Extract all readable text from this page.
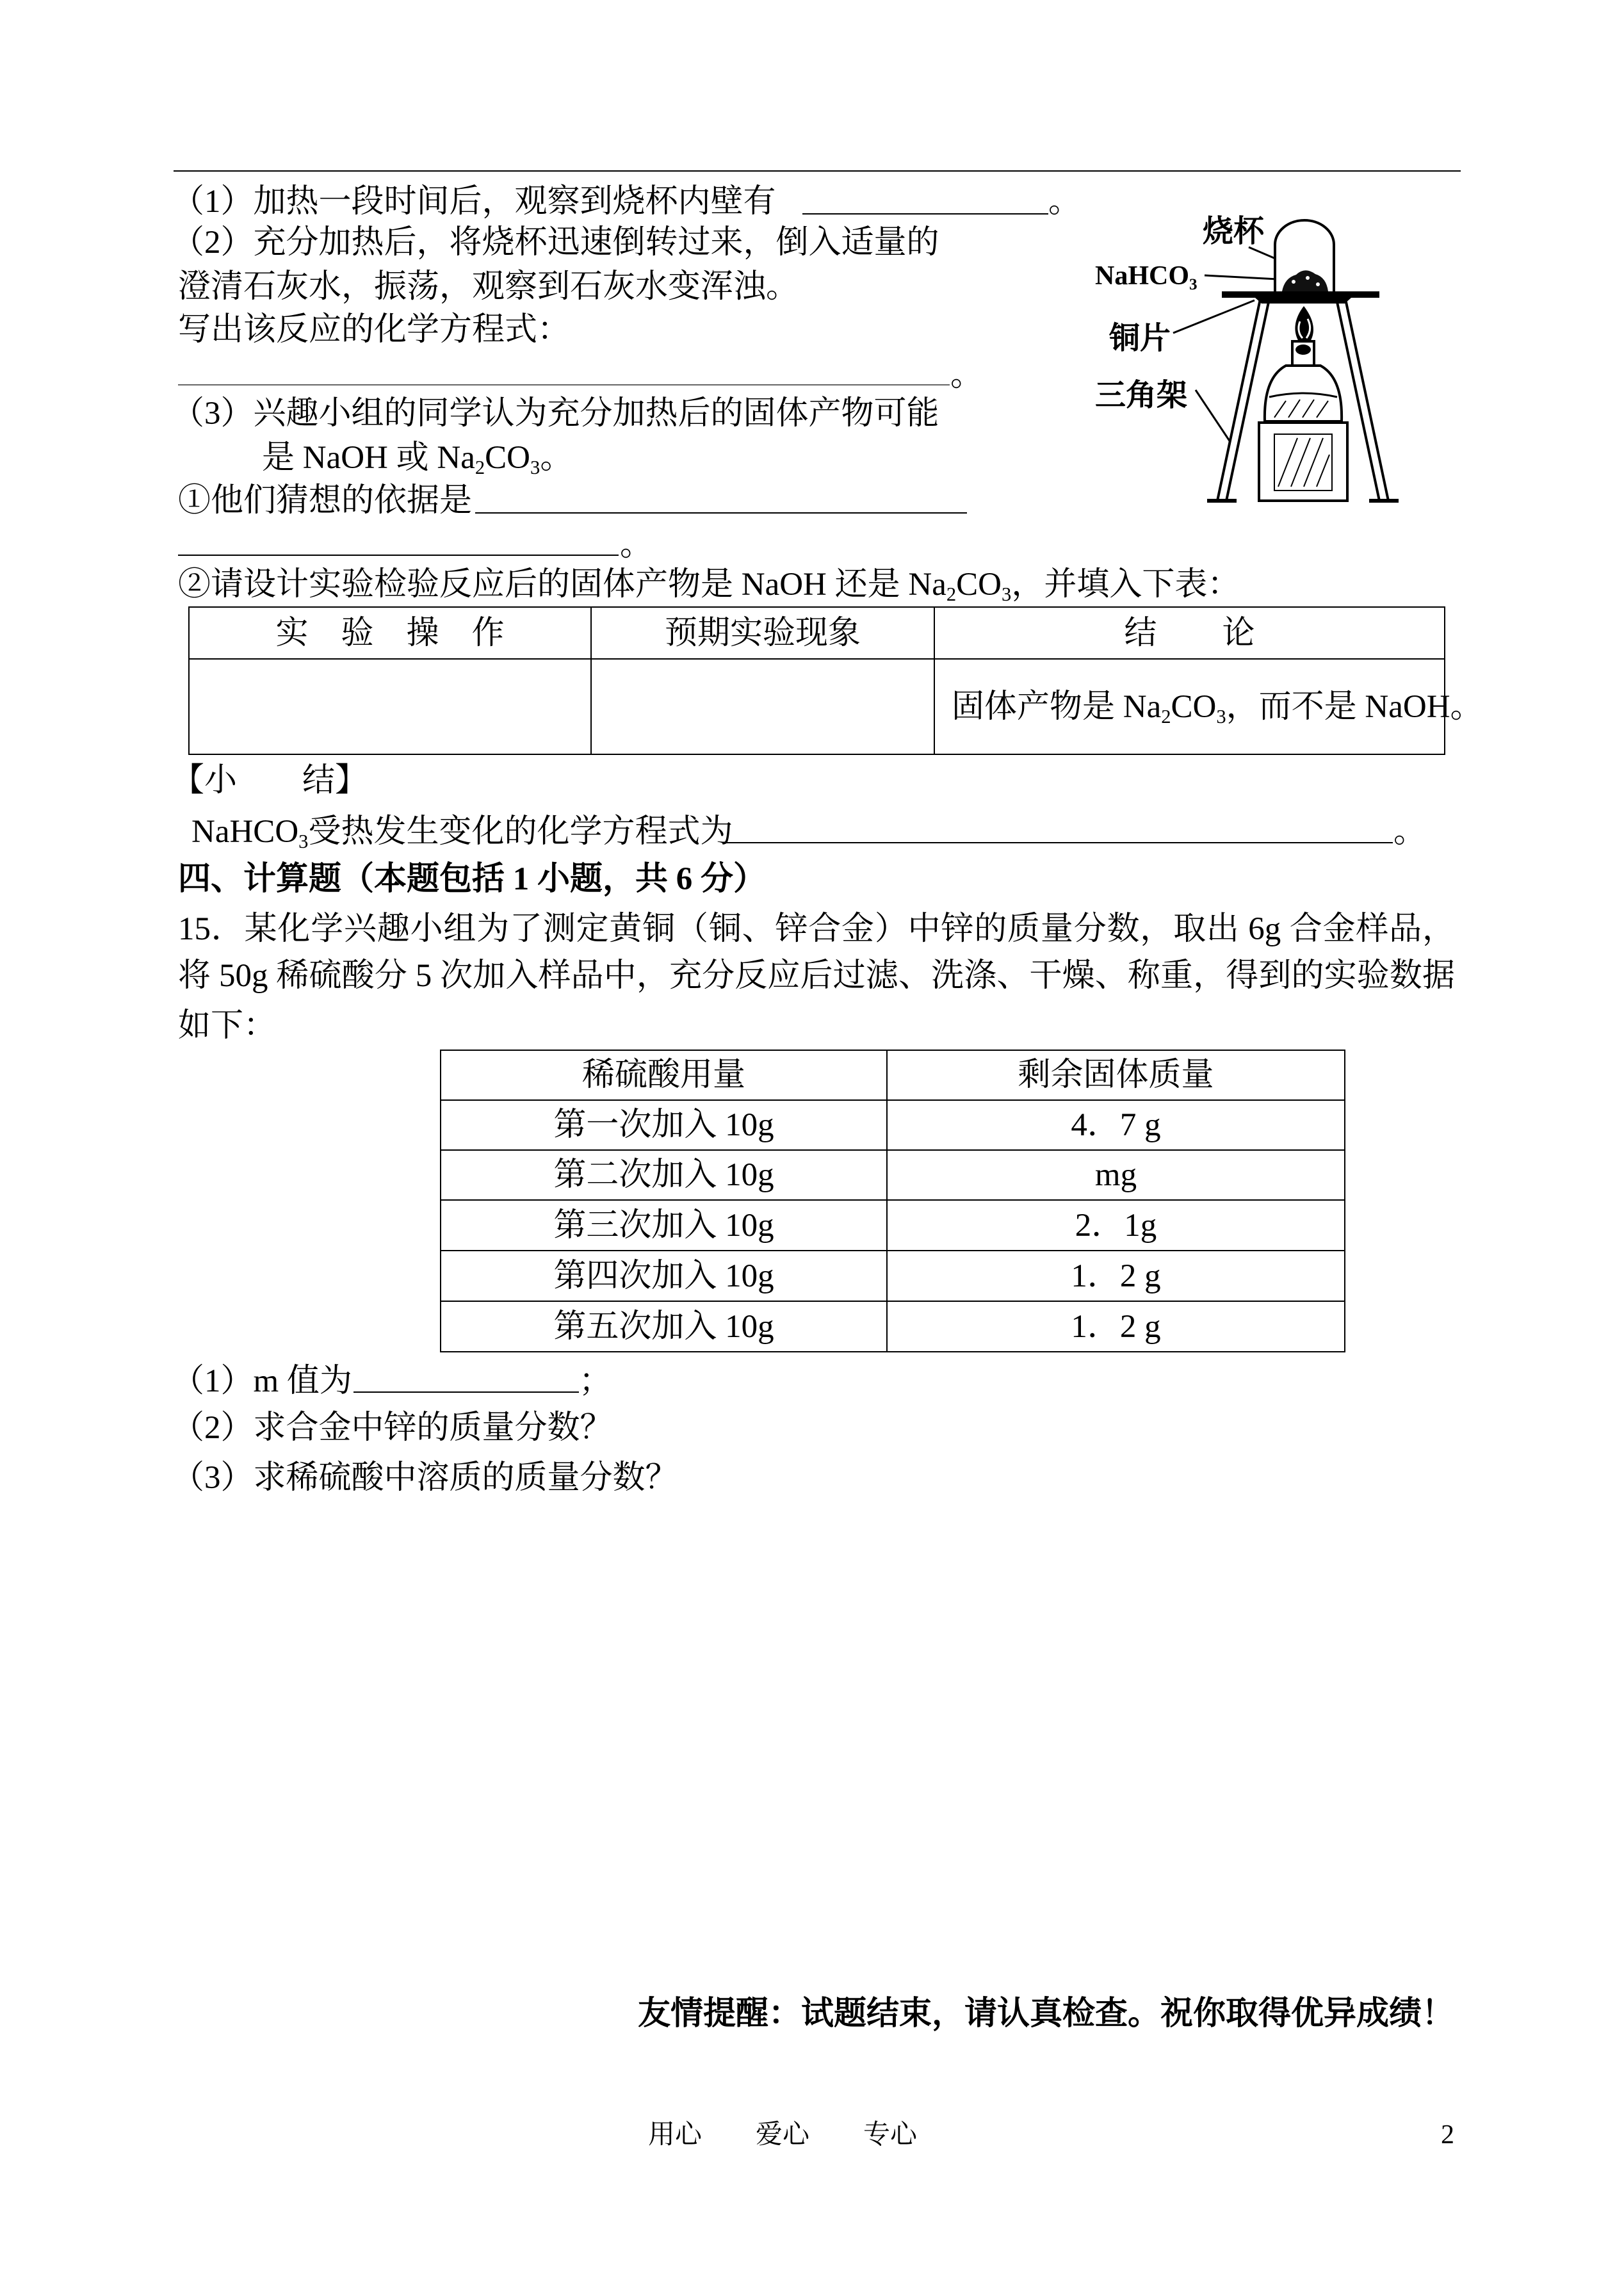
（1）加热一段时间后，观察到烧杯内壁有	。
（2）充分加热后，将烧杯迅速倒转过来，倒入适量的
澄清石灰水，振荡，观察到石灰水变浑浊。
写出该反应的化学方程式：
。
（3）兴趣小组的同学认为充分加热后的固体产物可能
是 NaOH 或 Na2CO3。
①他们猜想的依据是
。
②请设计实验检验反应后的固体产物是 NaOH 还是 Na2CO3，并填入下表：
烧杯
NaHCO3
铜片
三角架
实　验　操　作	预期实验现象	结　　论
		固体产物是 Na2CO3，而不是 NaOH。
【小　　结】
NaHCO3受热发生变化的化学方程式为	。
四、计算题（本题包括 1 小题，共 6 分）
15．某化学兴趣小组为了测定黄铜（铜、锌合金）中锌的质量分数，取出 6g 合金样品，
将 50g 稀硫酸分 5 次加入样品中，充分反应后过滤、洗涤、干燥、称重，得到的实验数据
如下：
稀硫酸用量	剩余固体质量
第一次加入 10g	4．7 g
第二次加入 10g	mg
第三次加入 10g	2．1g
第四次加入 10g	1．2 g
第五次加入 10g	1．2 g
（1）m 值为	；
（2）求合金中锌的质量分数？
（3）求稀硫酸中溶质的质量分数？
友情提醒：试题结束，请认真检查。祝你取得优异成绩！
用心　　爱心　　专心	2
